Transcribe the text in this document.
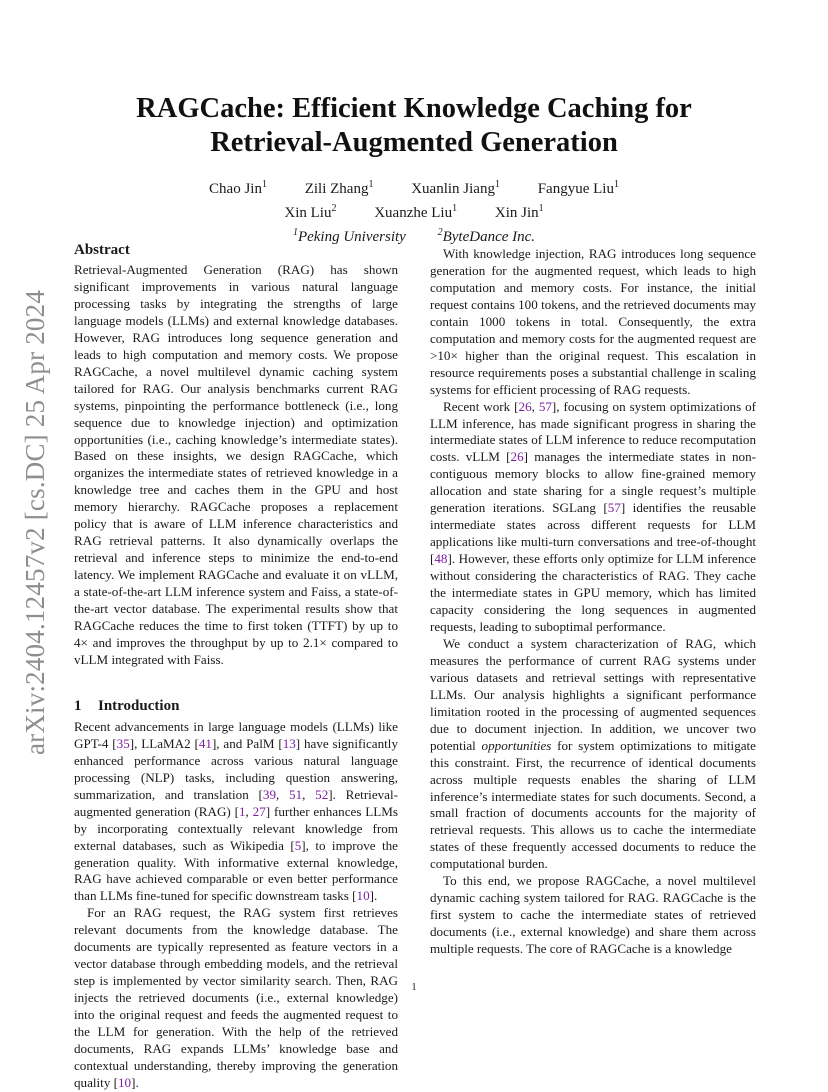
arXiv:2404.12457v2 [cs.DC] 25 Apr 2024
RAGCache: Efficient Knowledge Caching for
Retrieval-Augmented Generation
Chao Jin$^1$	Zili Zhang$^1$	Xuanlin Jiang$^1$	Fangyue Liu$^1$
Xin Liu$^2$	Xuanzhe Liu$^1$	Xin Jin$^1$
$^1$Peking University	$^2$ByteDance Inc.
Abstract

Retrieval-Augmented Generation (RAG) has shown significant improvements in various natural language processing tasks by integrating the strengths of large language models (LLMs) and external knowledge databases. However, RAG introduces long sequence generation and leads to high computation and memory costs. We propose RAGCache, a novel multilevel dynamic caching system tailored for RAG. Our analysis benchmarks current RAG systems, pinpointing the performance bottleneck (i.e., long sequence due to knowledge injection) and optimization opportunities (i.e., caching knowledge’s intermediate states). Based on these insights, we design RAGCache, which organizes the intermediate states of retrieved knowledge in a knowledge tree and caches them in the GPU and host memory hierarchy. RAGCache proposes a replacement policy that is aware of LLM inference characteristics and RAG retrieval patterns. It also dynamically overlaps the retrieval and inference steps to minimize the end-to-end latency. We implement RAGCache and evaluate it on vLLM, a state-of-the-art LLM inference system and Faiss, a state-of-the-art vector database. The experimental results show that RAGCache reduces the time to first token (TTFT) by up to 4× and improves the throughput by up to 2.1× compared to vLLM integrated with Faiss.

1 Introduction

Recent advancements in large language models (LLMs) like GPT-4 [35], LLaMA2 [41], and PalM [13] have significantly enhanced performance across various natural language processing (NLP) tasks, including question answering, summarization, and translation [39, 51, 52]. Retrieval-augmented generation (RAG) [1, 27] further enhances LLMs by incorporating contextually relevant knowledge from external databases, such as Wikipedia [5], to improve the generation quality. With informative external knowledge, RAG have achieved comparable or even better performance than LLMs fine-tuned for specific downstream tasks [10].

For an RAG request, the RAG system first retrieves relevant documents from the knowledge database. The documents are typically represented as feature vectors in a vector database through embedding models, and the retrieval step is implemented by vector similarity search. Then, RAG injects the retrieved documents (i.e., external knowledge) into the original request and feeds the augmented request to the LLM for generation. With the help of the retrieved documents, RAG expands LLMs’ knowledge base and contextual understanding, thereby improving the generation quality [10].

With knowledge injection, RAG introduces long sequence generation for the augmented request, which leads to high computation and memory costs. For instance, the initial request contains 100 tokens, and the retrieved documents may contain 1000 tokens in total. Consequently, the extra computation and memory costs for the augmented request are >10× higher than the original request. This escalation in resource requirements poses a substantial challenge in scaling systems for efficient processing of RAG requests.

Recent work [26, 57], focusing on system optimizations of LLM inference, has made significant progress in sharing the intermediate states of LLM inference to reduce recomputation costs. vLLM [26] manages the intermediate states in non-contiguous memory blocks to allow fine-grained memory allocation and state sharing for a single request’s multiple generation iterations. SGLang [57] identifies the reusable intermediate states across different requests for LLM applications like multi-turn conversations and tree-of-thought [48]. However, these efforts only optimize for LLM inference without considering the characteristics of RAG. They cache the intermediate states in GPU memory, which has limited capacity considering the long sequences in augmented requests, leading to suboptimal performance.

We conduct a system characterization of RAG, which measures the performance of current RAG systems under various datasets and retrieval settings with representative LLMs. Our analysis highlights a significant performance limitation rooted in the processing of augmented sequences due to document injection. In addition, we uncover two potential opportunities for system optimizations to mitigate this constraint. First, the recurrence of identical documents across multiple requests enables the sharing of LLM inference’s intermediate states for such documents. Second, a small fraction of documents accounts for the majority of retrieval requests. This allows us to cache the intermediate states of these frequently accessed documents to reduce the computational burden.

To this end, we propose RAGCache, a novel multilevel dynamic caching system tailored for RAG. RAGCache is the first system to cache the intermediate states of retrieved documents (i.e., external knowledge) and share them across multiple requests. The core of RAGCache is a knowledge

1
